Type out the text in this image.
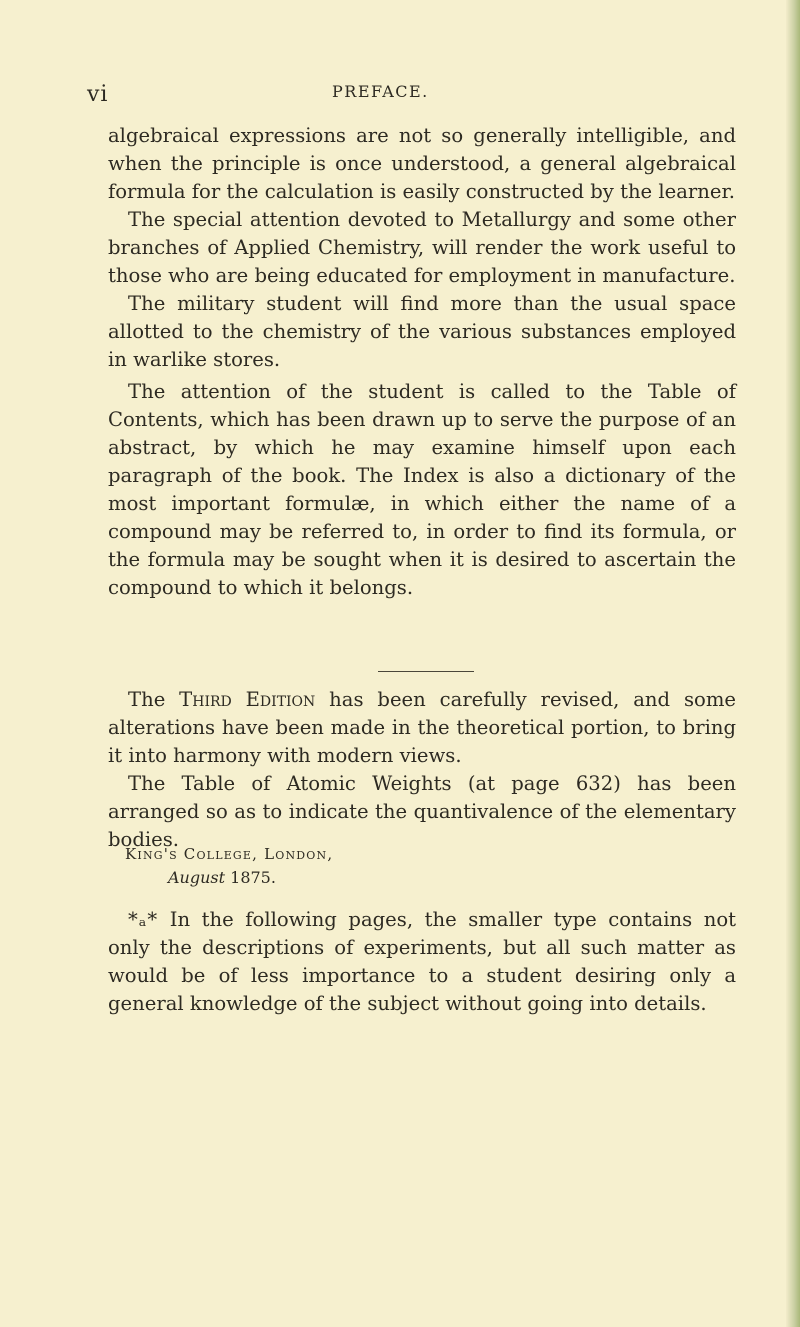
vi	PREFACE.

algebraical expressions are not so generally intelligible, and when the principle is once understood, a general algebraical formula for the calculation is easily constructed by the learner.

The special attention devoted to Metallurgy and some other branches of Applied Chemistry, will render the work useful to those who are being educated for employment in manufacture.

The military student will find more than the usual space allotted to the chemistry of the various substances employed in warlike stores.

The attention of the student is called to the Table of Contents, which has been drawn up to serve the purpose of an abstract, by which he may examine himself upon each paragraph of the book. The Index is also a dictionary of the most important formulæ, in which either the name of a compound may be referred to, in order to find its formula, or the formula may be sought when it is desired to ascertain the compound to which it belongs.

The Third Edition has been carefully revised, and some alterations have been made in the theoretical portion, to bring it into harmony with modern views.

The Table of Atomic Weights (at page 632) has been arranged so as to indicate the quantivalence of the elementary bodies.

King's College, London,
August 1875.

*ₐ* In the following pages, the smaller type contains not only the descriptions of experiments, but all such matter as would be of less importance to a student desiring only a general knowledge of the subject without going into details.
